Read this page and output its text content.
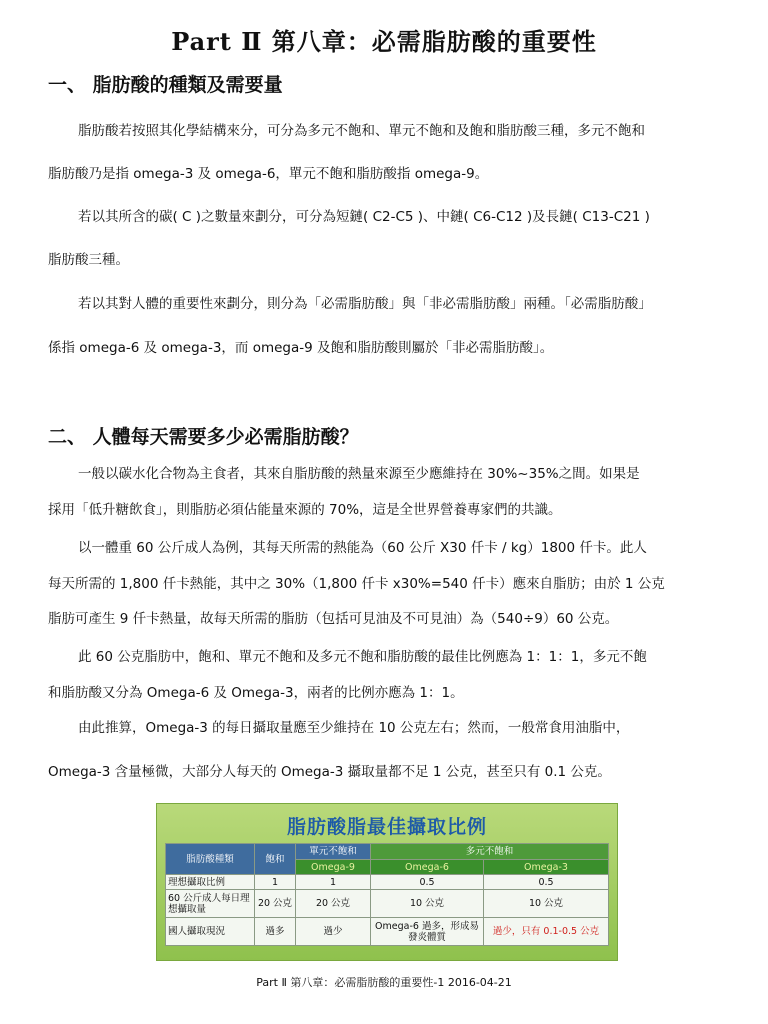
Part Ⅱ 第八章：必需脂肪酸的重要性
一、 脂肪酸的種類及需要量
脂肪酸若按照其化學結構來分，可分為多元不飽和、單元不飽和及飽和脂肪酸三種，多元不飽和
脂肪酸乃是指 omega-3 及 omega-6，單元不飽和脂肪酸指 omega-9。
若以其所含的碳( C )之數量來劃分，可分為短鏈( C2-C5 )、中鏈( C6-C12 )及長鏈( C13-C21 )
脂肪酸三種。
若以其對人體的重要性來劃分，則分為「必需脂肪酸」與「非必需脂肪酸」兩種。「必需脂肪酸」
係指 omega-6 及 omega-3，而 omega-9 及飽和脂肪酸則屬於「非必需脂肪酸」。
二、 人體每天需要多少必需脂肪酸？
一般以碳水化合物為主食者，其來自脂肪酸的熱量來源至少應維持在 30%~35%之間。如果是
採用「低升糖飲食」，則脂肪必須佔能量來源的 70%，這是全世界營養專家們的共識。
以一體重 60 公斤成人為例，其每天所需的熱能為（60 公斤 X30 仟卡 / kg）1800 仟卡。此人
每天所需的 1,800 仟卡熱能，其中之 30%（1,800 仟卡 x30%=540 仟卡）應來自脂肪；由於 1 公克
脂肪可產生 9 仟卡熱量，故每天所需的脂肪（包括可見油及不可見油）為（540÷9）60 公克。
此 60 公克脂肪中，飽和、單元不飽和及多元不飽和脂肪酸的最佳比例應為 1：1：1，多元不飽
和脂肪酸又分為 Omega-6 及 Omega-3，兩者的比例亦應為 1：1。
由此推算，Omega-3 的每日攝取量應至少維持在 10 公克左右；然而，一般常食用油脂中，
Omega-3 含量極微，大部分人每天的 Omega-3 攝取量都不足 1 公克，甚至只有 0.1 公克。
脂肪酸脂最佳攝取比例
脂肪酸種類	飽和	單元不飽和	多元不飽和	
		Omega-9	Omega-6	Omega-3
理想攝取比例	1	1	0.5	0.5
60 公斤成人每日理想攝取量	20 公克	20 公克	10 公克	10 公克
國人攝取現況	過多	過少	Omega-6 過多，形成易發炎體質	過少，只有 0.1-0.5 公克
Part Ⅱ 第八章：必需脂肪酸的重要性-1 2016-04-21
